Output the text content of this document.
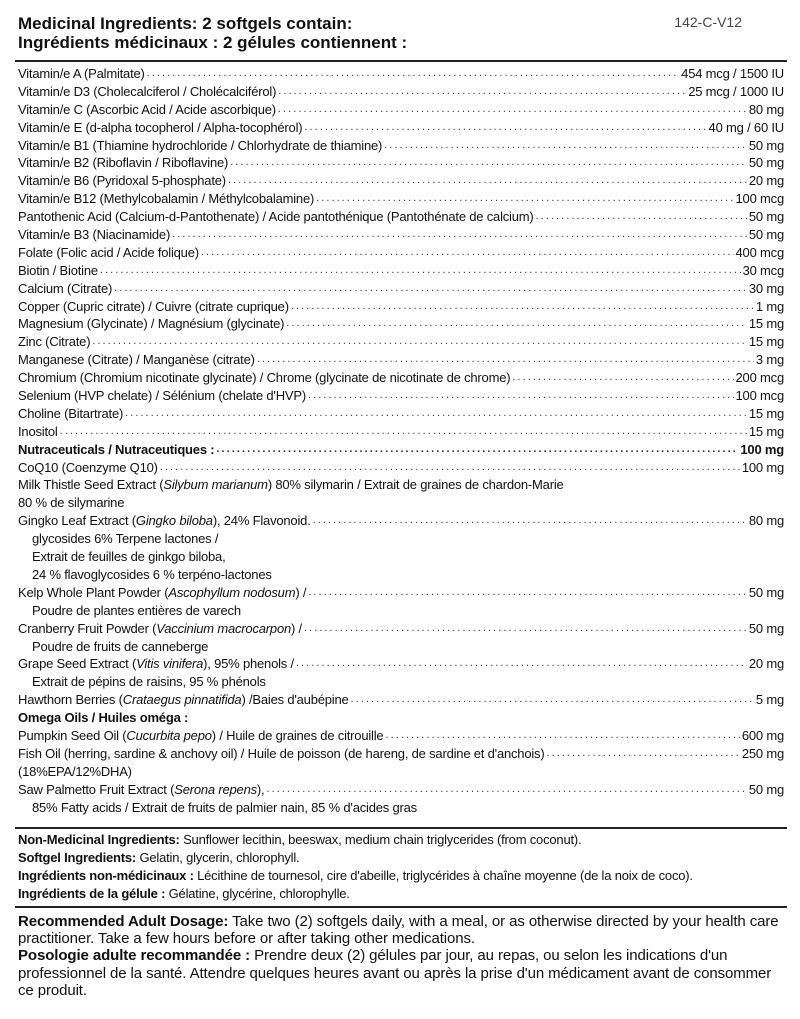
Medicinal Ingredients: 2 softgels contain:
Ingrédients médicinaux : 2 gélules contiennent :
142-C-V12
Vitamin/e A (Palmitate) . . .	454 mcg / 1500 IU
Vitamin/e D3 (Cholecalciferol / Cholécalciférol) . . .	25 mcg / 1000 IU
Vitamin/e C (Ascorbic Acid / Acide ascorbique) . . .	80 mg
Vitamin/e E (d-alpha tocopherol / Alpha-tocophérol) . . .	40 mg / 60 IU
Vitamin/e B1 (Thiamine hydrochloride / Chlorhydrate de thiamine) . . .	50 mg
Vitamin/e B2 (Riboflavin / Riboflavine) . . .	50 mg
Vitamin/e B6 (Pyridoxal 5-phosphate) . . .	20 mg
Vitamin/e B12 (Methylcobalamin / Méthylcobalamine) . . .	100 mcg
Pantothenic Acid (Calcium-d-Pantothenate) / Acide pantothénique (Pantothénate de calcium) . . .	50 mg
Vitamin/e B3 (Niacinamide) . . .	50 mg
Folate (Folic acid / Acide folique) . . .	400 mcg
Biotin / Biotine . . .	30 mcg
Calcium (Citrate) . . .	30 mg
Copper (Cupric citrate) / Cuivre (citrate cuprique) . . .	1 mg
Magnesium (Glycinate) / Magnésium (glycinate) . . .	15 mg
Zinc (Citrate) . . .	15 mg
Manganese (Citrate) / Manganèse (citrate) . . .	3 mg
Chromium (Chromium nicotinate glycinate) / Chrome (glycinate de nicotinate de chrome) . . .	200 mcg
Selenium (HVP chelate) / Sélénium (chelate d'HVP) . . .	100 mcg
Choline (Bitartrate) . . .	15 mg
Inositol . . .	15 mg
Nutraceuticals / Nutraceutiques : . . .	100 mg
CoQ10 (Coenzyme Q10) . . .	100 mg
Milk Thistle Seed Extract (Silybum marianum) 80% silymarin / Extrait de graines de chardon-Marie
80 % de silymarine
Gingko Leaf Extract (Gingko biloba), 24% Flavonoid. . . .	80 mg
glycosides 6% Terpene lactones /
Extrait de feuilles de ginkgo biloba,
24 % flavoglycosides 6 % terpéno-lactones
Kelp Whole Plant Powder (Ascophyllum nodosum) / . . .	50 mg
Poudre de plantes entières de varech
Cranberry Fruit Powder (Vaccinium macrocarpon) / . . .	50 mg
Poudre de fruits de canneberge
Grape Seed Extract (Vitis vinifera), 95% phenols / . . .	20 mg
Extrait de pépins de raisins, 95 % phénols
Hawthorn Berries (Crataegus pinnatifida) /Baies d'aubépine . . .	5 mg
Omega Oils / Huiles oméga :
Pumpkin Seed Oil (Cucurbita pepo) / Huile de graines de citrouille . . .	600 mg
Fish Oil (herring, sardine & anchovy oil) / Huile de poisson (de hareng, de sardine et d'anchois) . . .	250 mg
(18%EPA/12%DHA)
Saw Palmetto Fruit Extract (Serona repens), . . .	50 mg
85% Fatty acids / Extrait de fruits de palmier nain, 85 % d'acides gras
Non-Medicinal Ingredients: Sunflower lecithin, beeswax, medium chain triglycerides (from coconut).
Softgel Ingredients: Gelatin, glycerin, chlorophyll.
Ingrédients non-médicinaux : Lécithine de tournesol, cire d'abeille, triglycérides à chaîne moyenne (de la noix de coco).
Ingrédients de la gélule : Gélatine, glycérine, chlorophylle.
Recommended Adult Dosage: Take two (2) softgels daily, with a meal, or as otherwise directed by your health care practitioner. Take a few hours before or after taking other medications.
Posologie adulte recommandée : Prendre deux (2) gélules par jour, au repas, ou selon les indications d'un professionnel de la santé. Attendre quelques heures avant ou après la prise d'un médicament avant de consommer ce produit.
